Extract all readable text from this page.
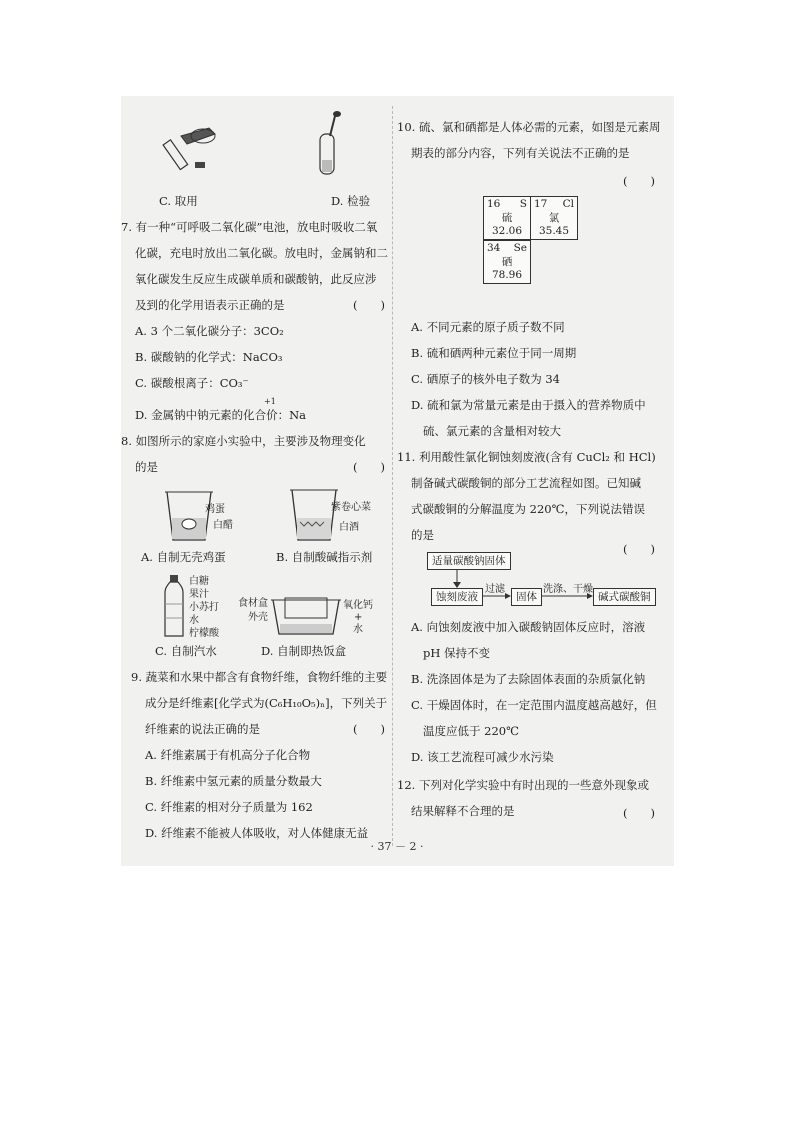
C. 取用	D. 检验
7. 有一种“可呼吸二氧化碳”电池，放电时吸收二氧
化碳，充电时放出二氧化碳。放电时，金属钠和二
氧化碳发生反应生成碳单质和碳酸钠，此反应涉
及到的化学用语表示正确的是
A. 3 个二氧化碳分子：3CO₂
B. 碳酸钠的化学式：NaCO₃
C. 碳酸根离子：CO₃⁻
D. 金属钠中钠元素的化合价：Na
+1
(　　)
8. 如图所示的家庭小实验中，主要涉及物理变化
的是	(　　)
鸡蛋
白醋
紫卷心菜
白酒
A. 自制无壳鸡蛋	B. 自制酸碱指示剂
白糖
果汁
小苏打
水
柠檬酸
食材盒
外壳
氧化钙
+
水
C. 自制汽水	D. 自制即热饭盒
9. 蔬菜和水果中都含有食物纤维，食物纤维的主要
成分是纤维素[化学式为(C₆H₁₀O₅)ₙ]，下列关于
纤维素的说法正确的是
A. 纤维素属于有机高分子化合物
B. 纤维素中氢元素的质量分数最大
C. 纤维素的相对分子质量为 162
D. 纤维素不能被人体吸收，对人体健康无益
(　　)
10. 硫、氯和硒都是人体必需的元素，如图是元素周
期表的部分内容，下列有关说法不正确的是
(　　)
16 S
硫
32.06
17 Cl
氯
35.45
34 Se
硒
78.96
A. 不同元素的原子质子数不同
B. 硫和硒两种元素位于同一周期
C. 硒原子的核外电子数为 34
D. 硫和氯为常量元素是由于摄入的营养物质中
硫、氯元素的含量相对较大
11. 利用酸性氯化铜蚀刻废液(含有 CuCl₂ 和 HCl)
制备碱式碳酸铜的部分工艺流程如图。已知碱
式碳酸铜的分解温度为 220℃，下列说法错误
的是
适量碳酸钠固体
蚀刻废液
过滤
固体
洗涤、干燥
碱式碳酸铜
A. 向蚀刻废液中加入碳酸钠固体反应时，溶液
pH 保持不变
B. 洗涤固体是为了去除固体表面的杂质氯化钠
C. 干燥固体时，在一定范围内温度越高越好，但
温度应低于 220℃
D. 该工艺流程可减少水污染
(　　)
12. 下列对化学实验中有时出现的一些意外现象或
结果解释不合理的是	(　　)
· 37 － 2 ·
